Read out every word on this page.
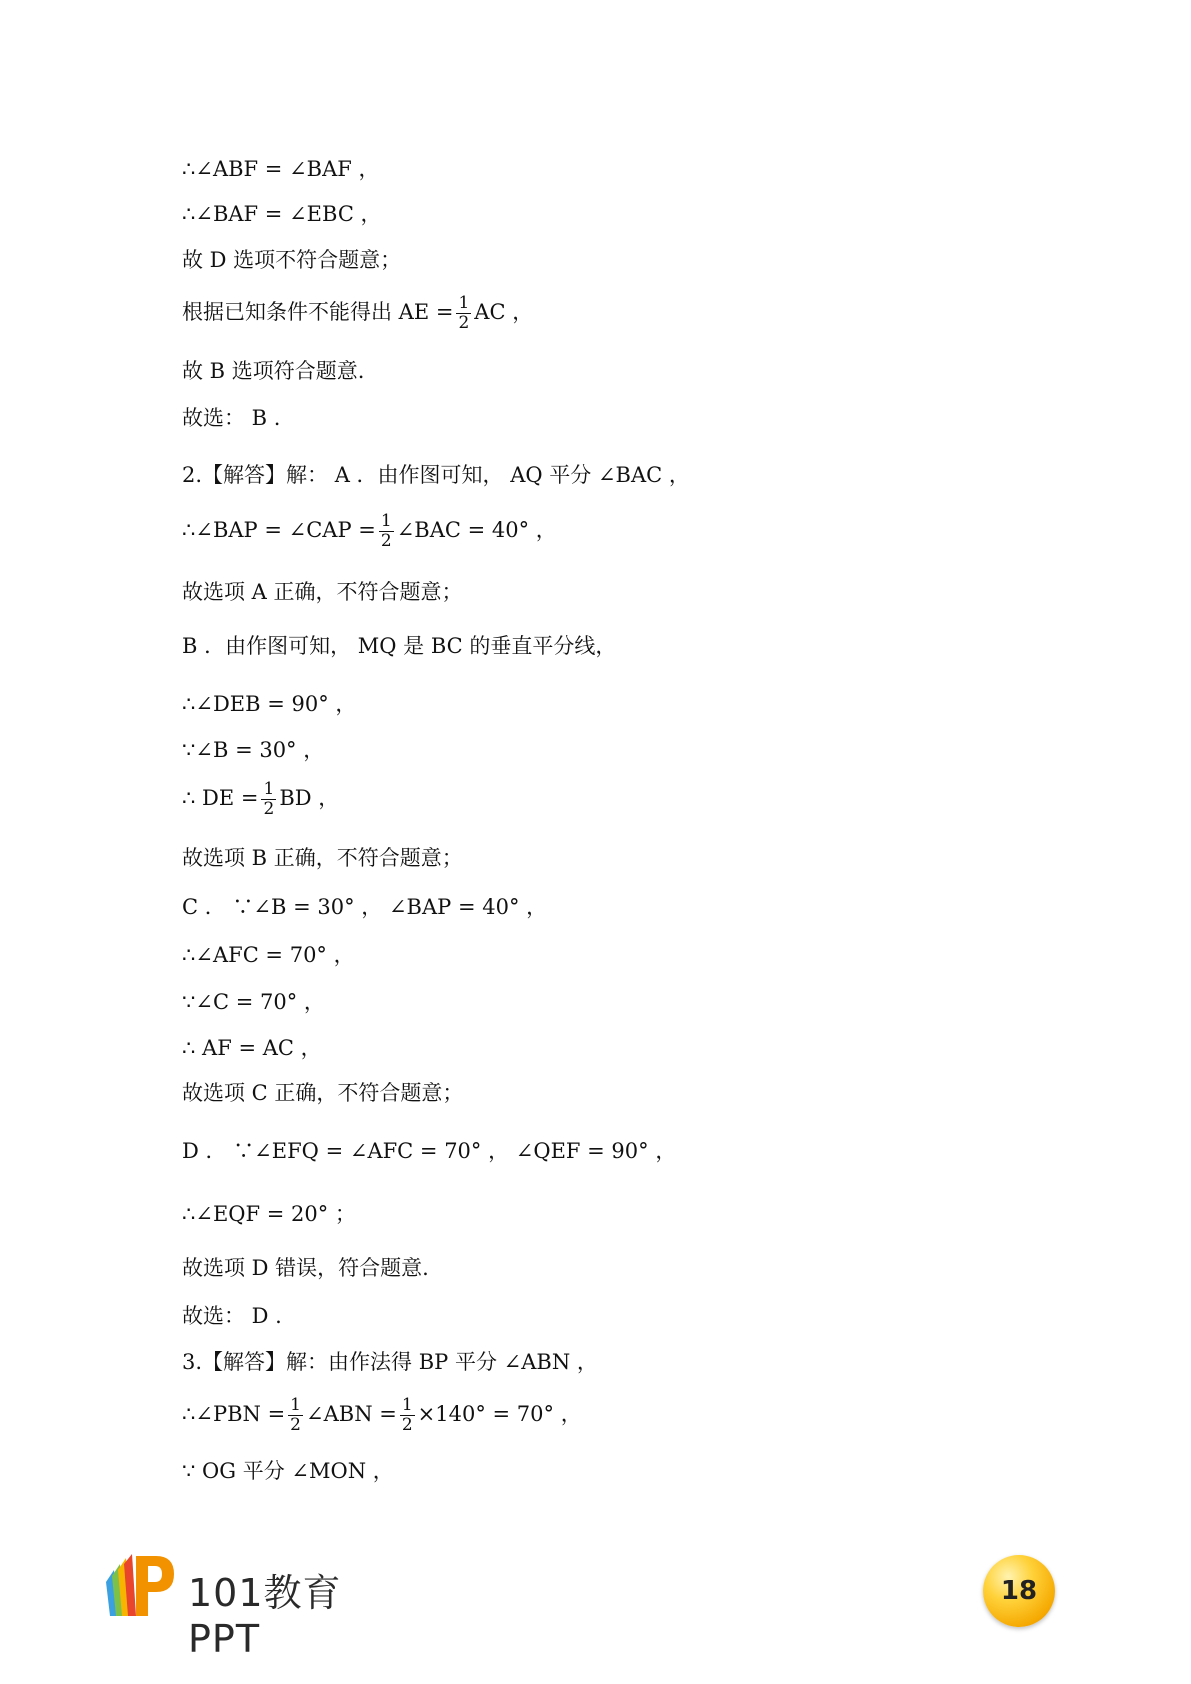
∴∠ABF = ∠BAF ，
∴∠BAF = ∠EBC ，
故 D 选项不符合题意；
根据已知条件不能得出 AE = $\frac{1}{2}$ AC ，
故 B 选项符合题意.
故选： B .
2.【解答】解： A ．由作图可知， AQ 平分 ∠BAC ，
∴∠BAP = ∠CAP = $\frac{1}{2}$ ∠BAC = 40° ，
故选项 A 正确，不符合题意；
B ．由作图可知， MQ 是 BC 的垂直平分线，
∴∠DEB = 90° ，
∵∠B = 30° ，
∴ DE = $\frac{1}{2}$ BD ，
故选项 B 正确，不符合题意；
C ． ∵∠B = 30° ， ∠BAP = 40° ，
∴∠AFC = 70° ，
∵∠C = 70° ，
∴ AF = AC ，
故选项 C 正确，不符合题意；
D ． ∵∠EFQ = ∠AFC = 70° ， ∠QEF = 90° ，
∴∠EQF = 20° ；
故选项 D 错误，符合题意.
故选： D .
3.【解答】解：由作法得 BP 平分 ∠ABN ，
∴∠PBN = $\frac{1}{2}$ ∠ABN = $\frac{1}{2} \times 140^\circ = 70^\circ$ ，
∵ OG 平分 ∠MON ，
101教育PPT
18
